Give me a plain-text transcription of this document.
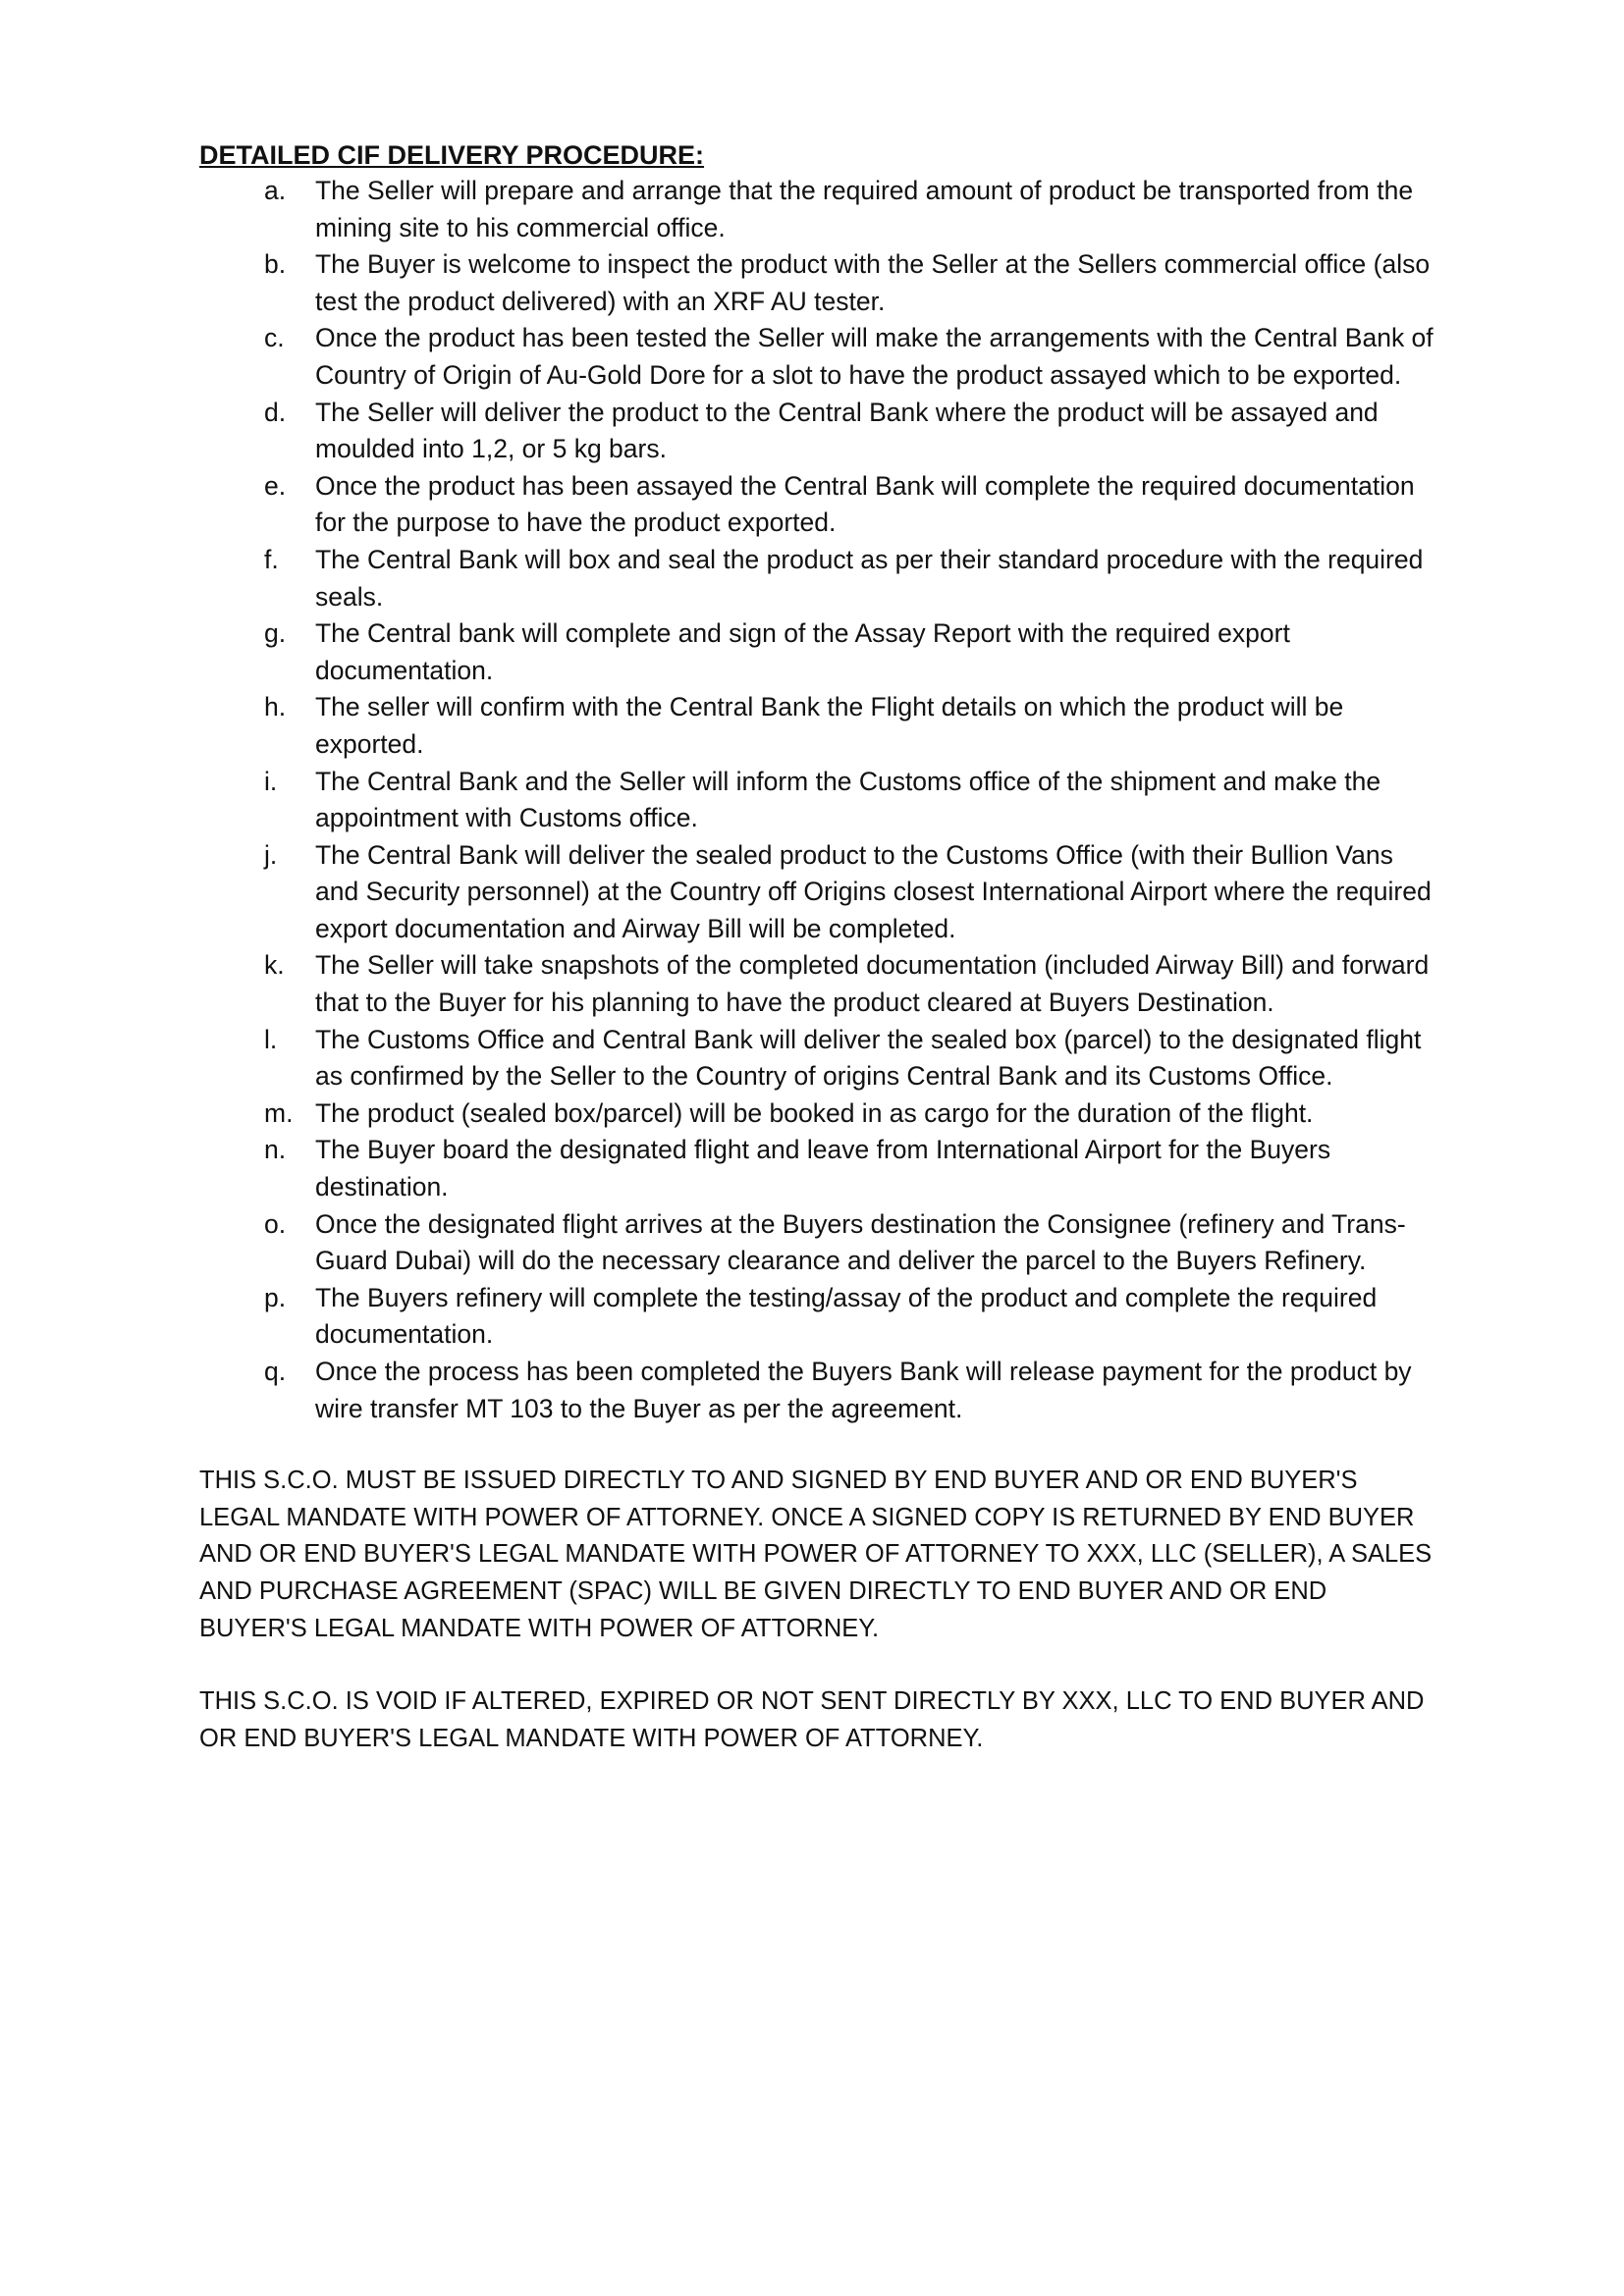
DETAILED CIF DELIVERY PROCEDURE:
a. The Seller will prepare and arrange that the required amount of product be transported from the mining site to his commercial office.
b. The Buyer is welcome to inspect the product with the Seller at the Sellers commercial office (also test the product delivered) with an XRF AU tester.
c. Once the product has been tested the Seller will make the arrangements with the Central Bank of Country of Origin of Au-Gold Dore for a slot to have the product assayed which to be exported.
d. The Seller will deliver the product to the Central Bank where the product will be assayed and moulded into 1,2, or 5 kg bars.
e. Once the product has been assayed the Central Bank will complete the required documentation for the purpose to have the product exported.
f. The Central Bank will box and seal the product as per their standard procedure with the required seals.
g. The Central bank will complete and sign of the Assay Report with the required export documentation.
h. The seller will confirm with the Central Bank the Flight details on which the product will be exported.
i. The Central Bank and the Seller will inform the Customs office of the shipment and make the appointment with Customs office.
j. The Central Bank will deliver the sealed product to the Customs Office (with their Bullion Vans and Security personnel) at the Country off Origins closest International Airport where the required export documentation and Airway Bill will be completed.
k. The Seller will take snapshots of the completed documentation (included Airway Bill) and forward that to the Buyer for his planning to have the product cleared at Buyers Destination.
l. The Customs Office and Central Bank will deliver the sealed box (parcel) to the designated flight as confirmed by the Seller to the Country of origins Central Bank and its Customs Office.
m. The product (sealed box/parcel) will be booked in as cargo for the duration of the flight.
n. The Buyer board the designated flight and leave from International Airport for the Buyers destination.
o. Once the designated flight arrives at the Buyers destination the Consignee (refinery and Trans-Guard Dubai) will do the necessary clearance and deliver the parcel to the Buyers Refinery.
p. The Buyers refinery will complete the testing/assay of the product and complete the required documentation.
q. Once the process has been completed the Buyers Bank will release payment for the product by wire transfer MT 103 to the Buyer as per the agreement.

THIS S.C.O. MUST BE ISSUED DIRECTLY TO AND SIGNED BY END BUYER AND OR END BUYER'S LEGAL MANDATE WITH POWER OF ATTORNEY. ONCE A SIGNED COPY IS RETURNED BY END BUYER AND OR END BUYER'S LEGAL MANDATE WITH POWER OF ATTORNEY TO XXX, LLC (SELLER), A SALES AND PURCHASE AGREEMENT (SPAC) WILL BE GIVEN DIRECTLY TO END BUYER AND OR END BUYER'S LEGAL MANDATE WITH POWER OF ATTORNEY.

THIS S.C.O. IS VOID IF ALTERED, EXPIRED OR NOT SENT DIRECTLY BY XXX, LLC TO END BUYER AND OR END BUYER'S LEGAL MANDATE WITH POWER OF ATTORNEY.
